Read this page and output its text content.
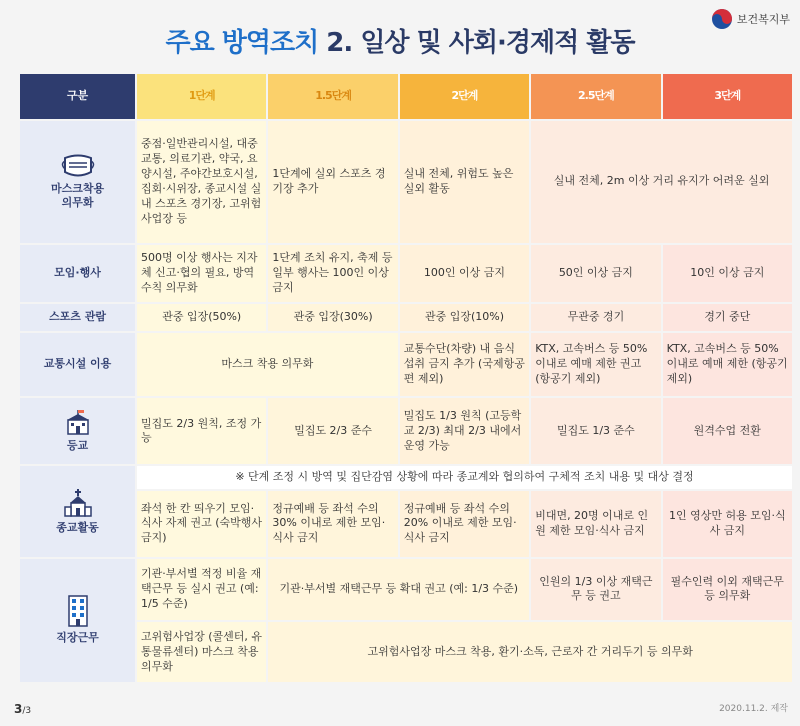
주요 방역조치 2. 일상 및 사회·경제적 활동
보건복지부
구분	1단계	1.5단계	2단계	2.5단계	3단계

마스크착용
의무화	중점·일반관리시설, 대중교통, 의료기관, 약국, 요양시설, 주야간보호시설, 집회·시위장, 종교시설 실내 스포츠 경기장, 고위험 사업장 등	1단계에 실외 스포츠 경기장 추가	실내 전체, 위험도 높은 실외 활동	실내 전체, 2m 이상 거리 유지가 어려운 실외	
모임·행사	500명 이상 행사는 지자체 신고·협의 필요, 방역수칙 의무화	1단계 조치 유지, 축제 등 일부 행사는 100인 이상 금지	100인 이상 금지	50인 이상 금지	10인 이상 금지
스포츠 관람	관중 입장(50%)	관중 입장(30%)	관중 입장(10%)	무관중 경기	경기 중단
교통시설 이용	마스크 착용 의무화		교통수단(차량) 내 음식 섭취 금지 추가 (국제항공편 제외)	KTX, 고속버스 등 50% 이내로 예매 제한 권고 (항공기 제외)	KTX, 고속버스 등 50% 이내로 예매 제한 (항공기 제외)

등교	밀집도 2/3 원칙, 조정 가능	밀집도 2/3 준수	밀집도 1/3 원칙 (고등학교 2/3) 최대 2/3 내에서 운영 가능	밀집도 1/3 준수	원격수업 전환

종교활동	※ 단계 조정 시 방역 및 집단감염 상황에 따라 종교계와 협의하여 구체적 조치 내용 및 대상 결정				
	좌석 한 칸 띄우기 모임·식사 자제 권고 (숙박행사 금지)	정규예배 등 좌석 수의 30% 이내로 제한 모임·식사 금지	정규예배 등 좌석 수의 20% 이내로 제한 모임·식사 금지	비대면, 20명 이내로 인원 제한 모임·식사 금지	1인 영상만 허용 모임·식사 금지

직장근무	기관·부서별 적정 비율 재택근무 등 실시 권고 (예: 1/5 수준)	기관·부서별 재택근무 등 확대 권고 (예: 1/3 수준)		인원의 1/3 이상 재택근무 등 권고	필수인력 이외 재택근무 등 의무화
	고위험사업장 (콜센터, 유통물류센터) 마스크 착용 의무화	고위험사업장 마스크 착용, 환기·소독, 근로자 간 거리두기 등 의무화			
3/3	2020.11.2. 제작
